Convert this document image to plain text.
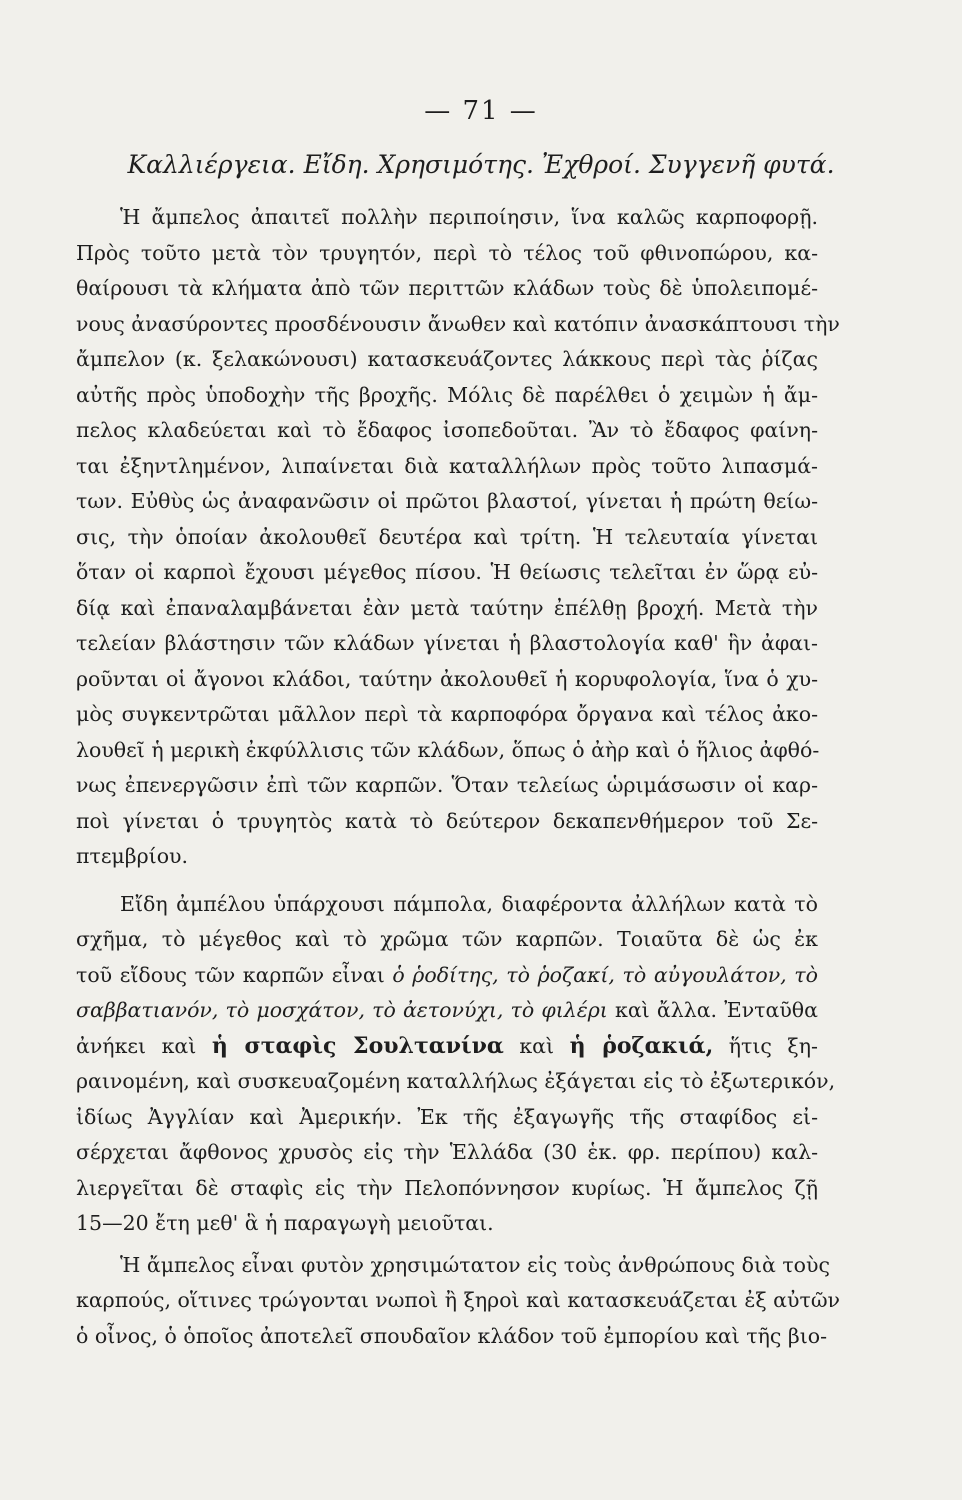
— 71 —
Καλλιέργεια. Εἴδη. Χρησιμότης. Ἐχθροί. Συγγενῆ φυτά.
Ἡ ἄμπελος ἀπαιτεῖ πολλὴν περιποίησιν, ἵνα καλῶς καρποφορῇ.
Πρὸς τοῦτο μετὰ τὸν τρυγητόν, περὶ τὸ τέλος τοῦ φθινοπώρου, κα-
θαίρουσι τὰ κλήματα ἀπὸ τῶν περιττῶν κλάδων τοὺς δὲ ὑπολειπομέ-
νους ἀνασύροντες προσδένουσιν ἄνωθεν καὶ κατόπιν ἀνασκάπτουσι τὴν
ἄμπελον (κ. ξελακώνουσι) κατασκευάζοντες λάκκους περὶ τὰς ῥίζας
αὐτῆς πρὸς ὑποδοχὴν τῆς βροχῆς. Μόλις δὲ παρέλθει ὁ χειμὼν ἡ ἄμ-
πελος κλαδεύεται καὶ τὸ ἔδαφος ἰσοπεδοῦται. Ἂν τὸ ἔδαφος φαίνη-
ται ἐξηντλημένον, λιπαίνεται διὰ καταλλήλων πρὸς τοῦτο λιπασμά-
των. Εὐθὺς ὡς ἀναφανῶσιν οἱ πρῶτοι βλαστοί, γίνεται ἡ πρώτη θείω-
σις, τὴν ὁποίαν ἀκολουθεῖ δευτέρα καὶ τρίτη. Ἡ τελευταία γίνεται
ὅταν οἱ καρποὶ ἔχουσι μέγεθος πίσου. Ἡ θείωσις τελεῖται ἐν ὥρᾳ εὐ-
δίᾳ καὶ ἐπαναλαμβάνεται ἐὰν μετὰ ταύτην ἐπέλθῃ βροχή. Μετὰ τὴν
τελείαν βλάστησιν τῶν κλάδων γίνεται ἡ βλαστολογία καθ' ἣν ἀφαι-
ροῦνται οἱ ἄγονοι κλάδοι, ταύτην ἀκολουθεῖ ἡ κορυφολογία, ἵνα ὁ χυ-
μὸς συγκεντρῶται μᾶλλον περὶ τὰ καρποφόρα ὄργανα καὶ τέλος ἀκο-
λουθεῖ ἡ μερικὴ ἐκφύλλισις τῶν κλάδων, ὅπως ὁ ἀὴρ καὶ ὁ ἥλιος ἀφθό-
νως ἐπενεργῶσιν ἐπὶ τῶν καρπῶν. Ὅταν τελείως ὡριμάσωσιν οἱ καρ-
ποὶ γίνεται ὁ τρυγητὸς κατὰ τὸ δεύτερον δεκαπενθήμερον τοῦ Σε-
πτεμβρίου.
Εἴδη ἀμπέλου ὑπάρχουσι πάμπολα, διαφέροντα ἀλλήλων κατὰ τὸ
σχῆμα, τὸ μέγεθος καὶ τὸ χρῶμα τῶν καρπῶν. Τοιαῦτα δὲ ὡς ἐκ
τοῦ εἴδους τῶν καρπῶν εἶναι ὁ ῥοδίτης, τὸ ῥοζακί, τὸ αὐγουλάτον, τὸ
σαββατιανόν, τὸ μοσχάτον, τὸ ἀετονύχι, τὸ φιλέρι καὶ ἄλλα. Ἐνταῦθα
ἀνήκει καὶ ἡ σταφὶς Σουλτανίνα καὶ ἡ ῥοζακιά, ἥτις ξη-
ραινομένη, καὶ συσκευαζομένη καταλλήλως ἐξάγεται εἰς τὸ ἐξωτερικόν,
ἰδίως Ἀγγλίαν καὶ Ἀμερικήν. Ἐκ τῆς ἐξαγωγῆς τῆς σταφίδος εἰ-
σέρχεται ἄφθονος χρυσὸς εἰς τὴν Ἑλλάδα (30 ἑκ. φρ. περίπου) καλ-
λιεργεῖται δὲ σταφὶς εἰς τὴν Πελοπόννησον κυρίως. Ἡ ἄμπελος ζῇ
15—20 ἔτη μεθ' ἃ ἡ παραγωγὴ μειοῦται.
Ἡ ἄμπελος εἶναι φυτὸν χρησιμώτατον εἰς τοὺς ἀνθρώπους διὰ τοὺς
καρπούς, οἵτινες τρώγονται νωποὶ ἢ ξηροὶ καὶ κατασκευάζεται ἐξ αὐτῶν
ὁ οἶνος, ὁ ὁποῖος ἀποτελεῖ σπουδαῖον κλάδον τοῦ ἐμπορίου καὶ τῆς βιο-
